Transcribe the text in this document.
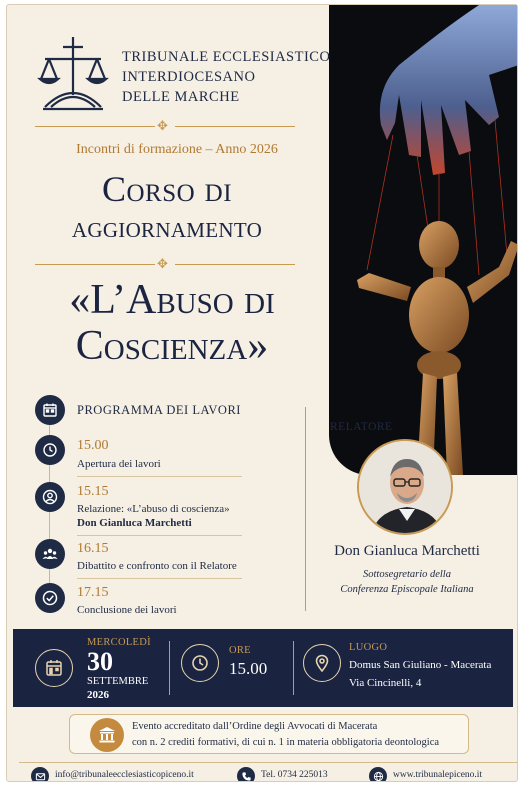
TRIBUNALE ECCLESIASTICO
INTERDIOCESANO
DELLE MARCHE
✥
Incontri di formazione – Anno 2026
Corso di
aggiornamento
✥
«L’Abuso di
Coscienza»
PROGRAMMA DEI LAVORI
15.00
Apertura dei lavori
15.15
Relazione: «L’abuso di coscienza»
Don Gianluca Marchetti
16.15
Dibattito e confronto con il Relatore
17.15
Conclusione dei lavori
RELATORE
Don Gianluca Marchetti
Sottosegretario della
Conferenza Episcopale Italiana
MERCOLEDÌ
30
SETTEMBRE
2026
ORE
15.00
LUOGO
Domus San Giuliano - Macerata
Via Cincinelli, 4
Evento accreditato dall’Ordine degli Avvocati di Macerata
con n. 2 crediti formativi, di cui n. 1 in materia obbligatoria deontologica
info@tribunaleecclesiasticopiceno.it	Tel. 0734 225013	www.tribunalepiceno.it
